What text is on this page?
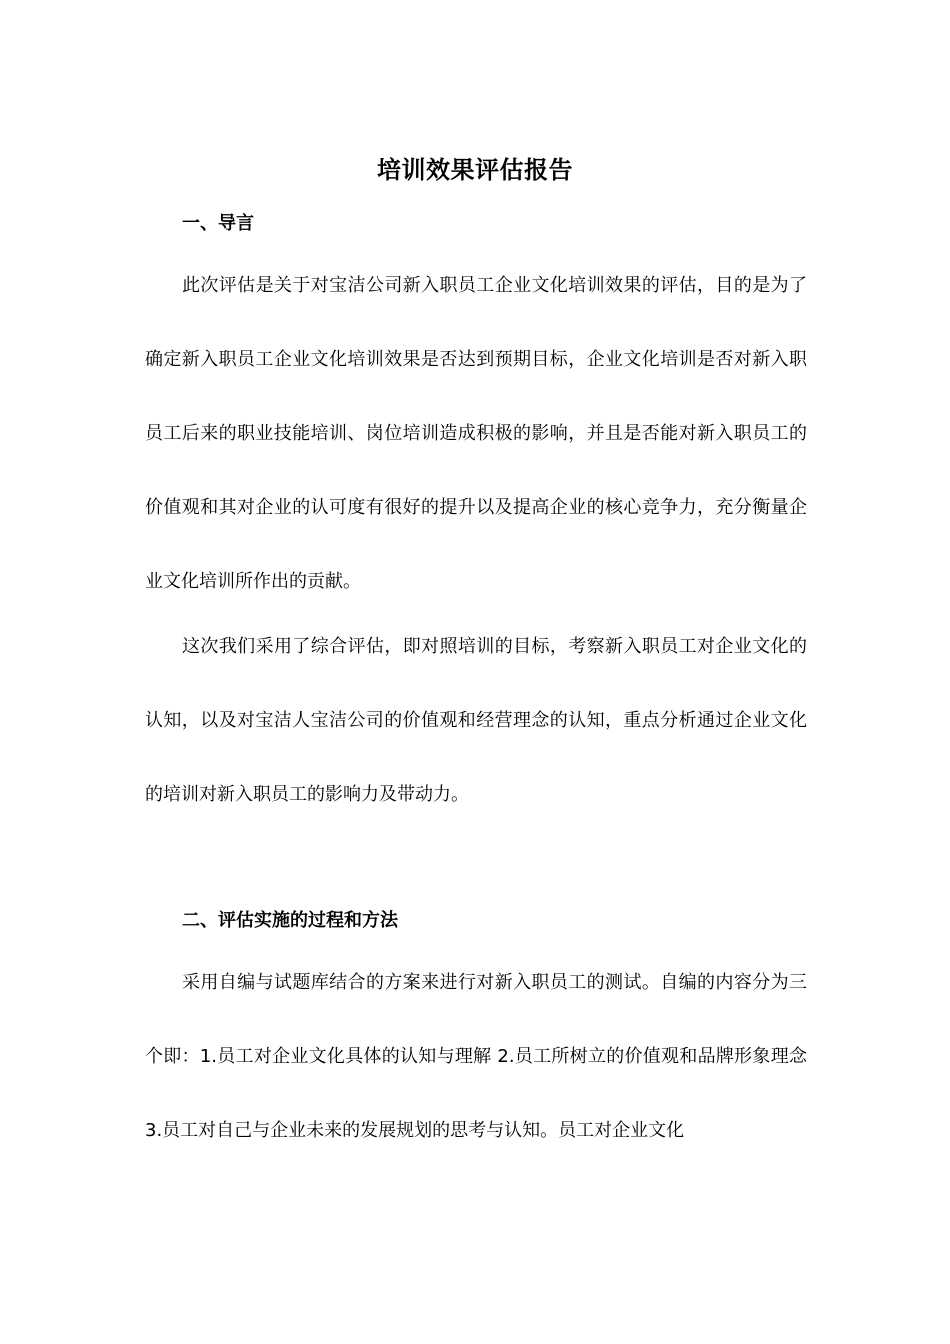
培训效果评估报告
一、导言

此次评估是关于对宝洁公司新入职员工企业文化培训效果的评估，目的是为了确定新入职员工企业文化培训效果是否达到预期目标，企业文化培训是否对新入职员工后来的职业技能培训、岗位培训造成积极的影响，并且是否能对新入职员工的价值观和其对企业的认可度有很好的提升以及提高企业的核心竞争力，充分衡量企业文化培训所作出的贡献。

这次我们采用了综合评估，即对照培训的目标，考察新入职员工对企业文化的认知，以及对宝洁人宝洁公司的价值观和经营理念的认知，重点分析通过企业文化的培训对新入职员工的影响力及带动力。

二、评估实施的过程和方法

采用自编与试题库结合的方案来进行对新入职员工的测试。自编的内容分为三个即：1.员工对企业文化具体的认知与理解 2.员工所树立的价值观和品牌形象理念 3.员工对自己与企业未来的发展规划的思考与认知。员工对企业文化
